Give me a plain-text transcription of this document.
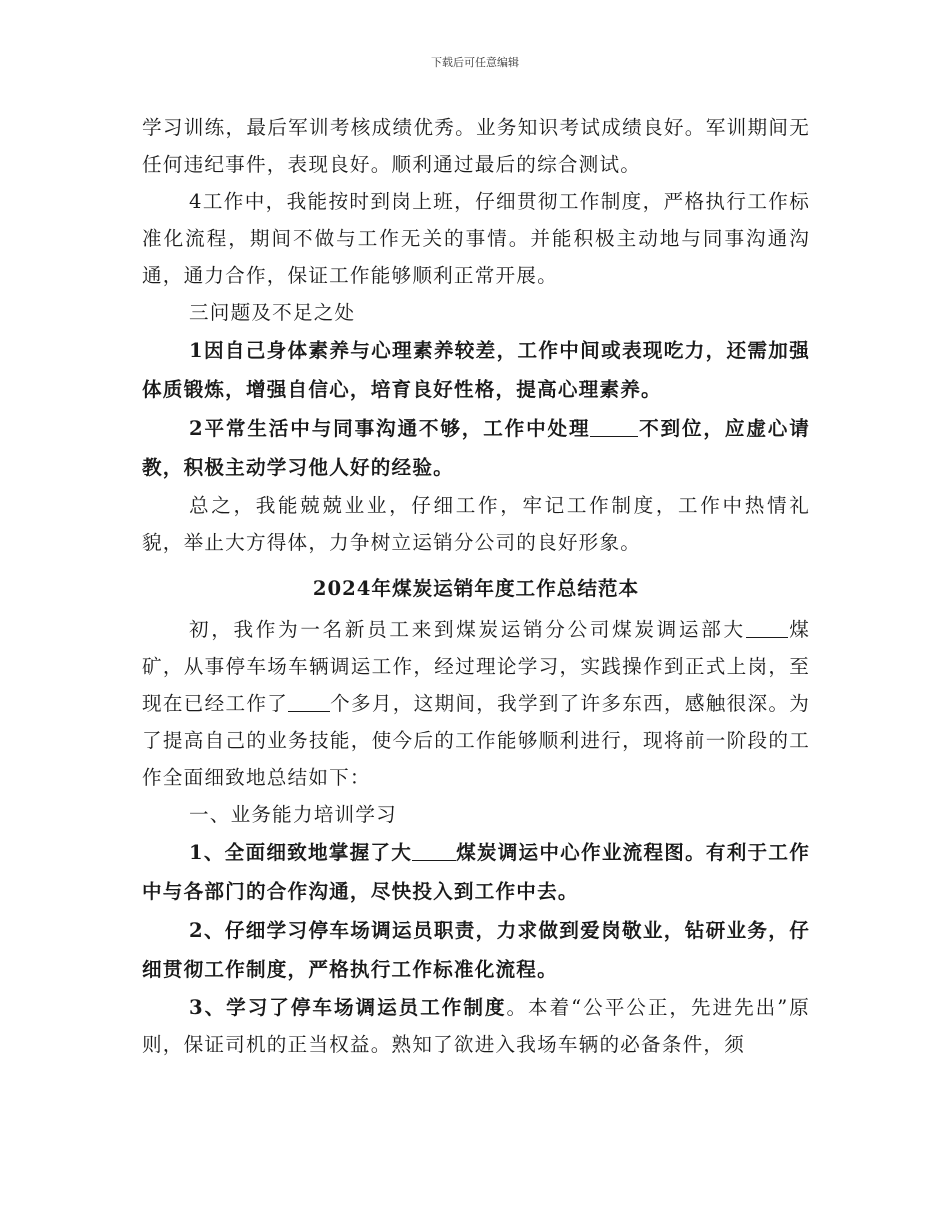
下载后可任意编辑

学习训练，最后军训考核成绩优秀。业务知识考试成绩良好。军训期间无任何违纪事件，表现良好。顺利通过最后的综合测试。

4工作中，我能按时到岗上班，仔细贯彻工作制度，严格执行工作标准化流程，期间不做与工作无关的事情。并能积极主动地与同事沟通沟通，通力合作，保证工作能够顺利正常开展。

三问题及不足之处

1因自己身体素养与心理素养较差，工作中间或表现吃力，还需加强体质锻炼，增强自信心，培育良好性格，提高心理素养。

2平常生活中与同事沟通不够，工作中处理 不到位，应虚心请教，积极主动学习他人好的经验。

总之，我能兢兢业业，仔细工作，牢记工作制度，工作中热情礼貌，举止大方得体，力争树立运销分公司的良好形象。

2024年煤炭运销年度工作总结范本

初，我作为一名新员工来到煤炭运销分公司煤炭调运部大 煤矿，从事停车场车辆调运工作，经过理论学习，实践操作到正式上岗，至现在已经工作了 个多月，这期间，我学到了许多东西，感触很深。为了提高自己的业务技能，使今后的工作能够顺利进行，现将前一阶段的工作全面细致地总结如下：

一、业务能力培训学习

1、全面细致地掌握了大 煤炭调运中心作业流程图。有利于工作中与各部门的合作沟通，尽快投入到工作中去。

2、仔细学习停车场调运员职责，力求做到爱岗敬业，钻研业务，仔细贯彻工作制度，严格执行工作标准化流程。

3、学习了停车场调运员工作制度。本着“公平公正，先进先出”原则，保证司机的正当权益。熟知了欲进入我场车辆的必备条件，须
